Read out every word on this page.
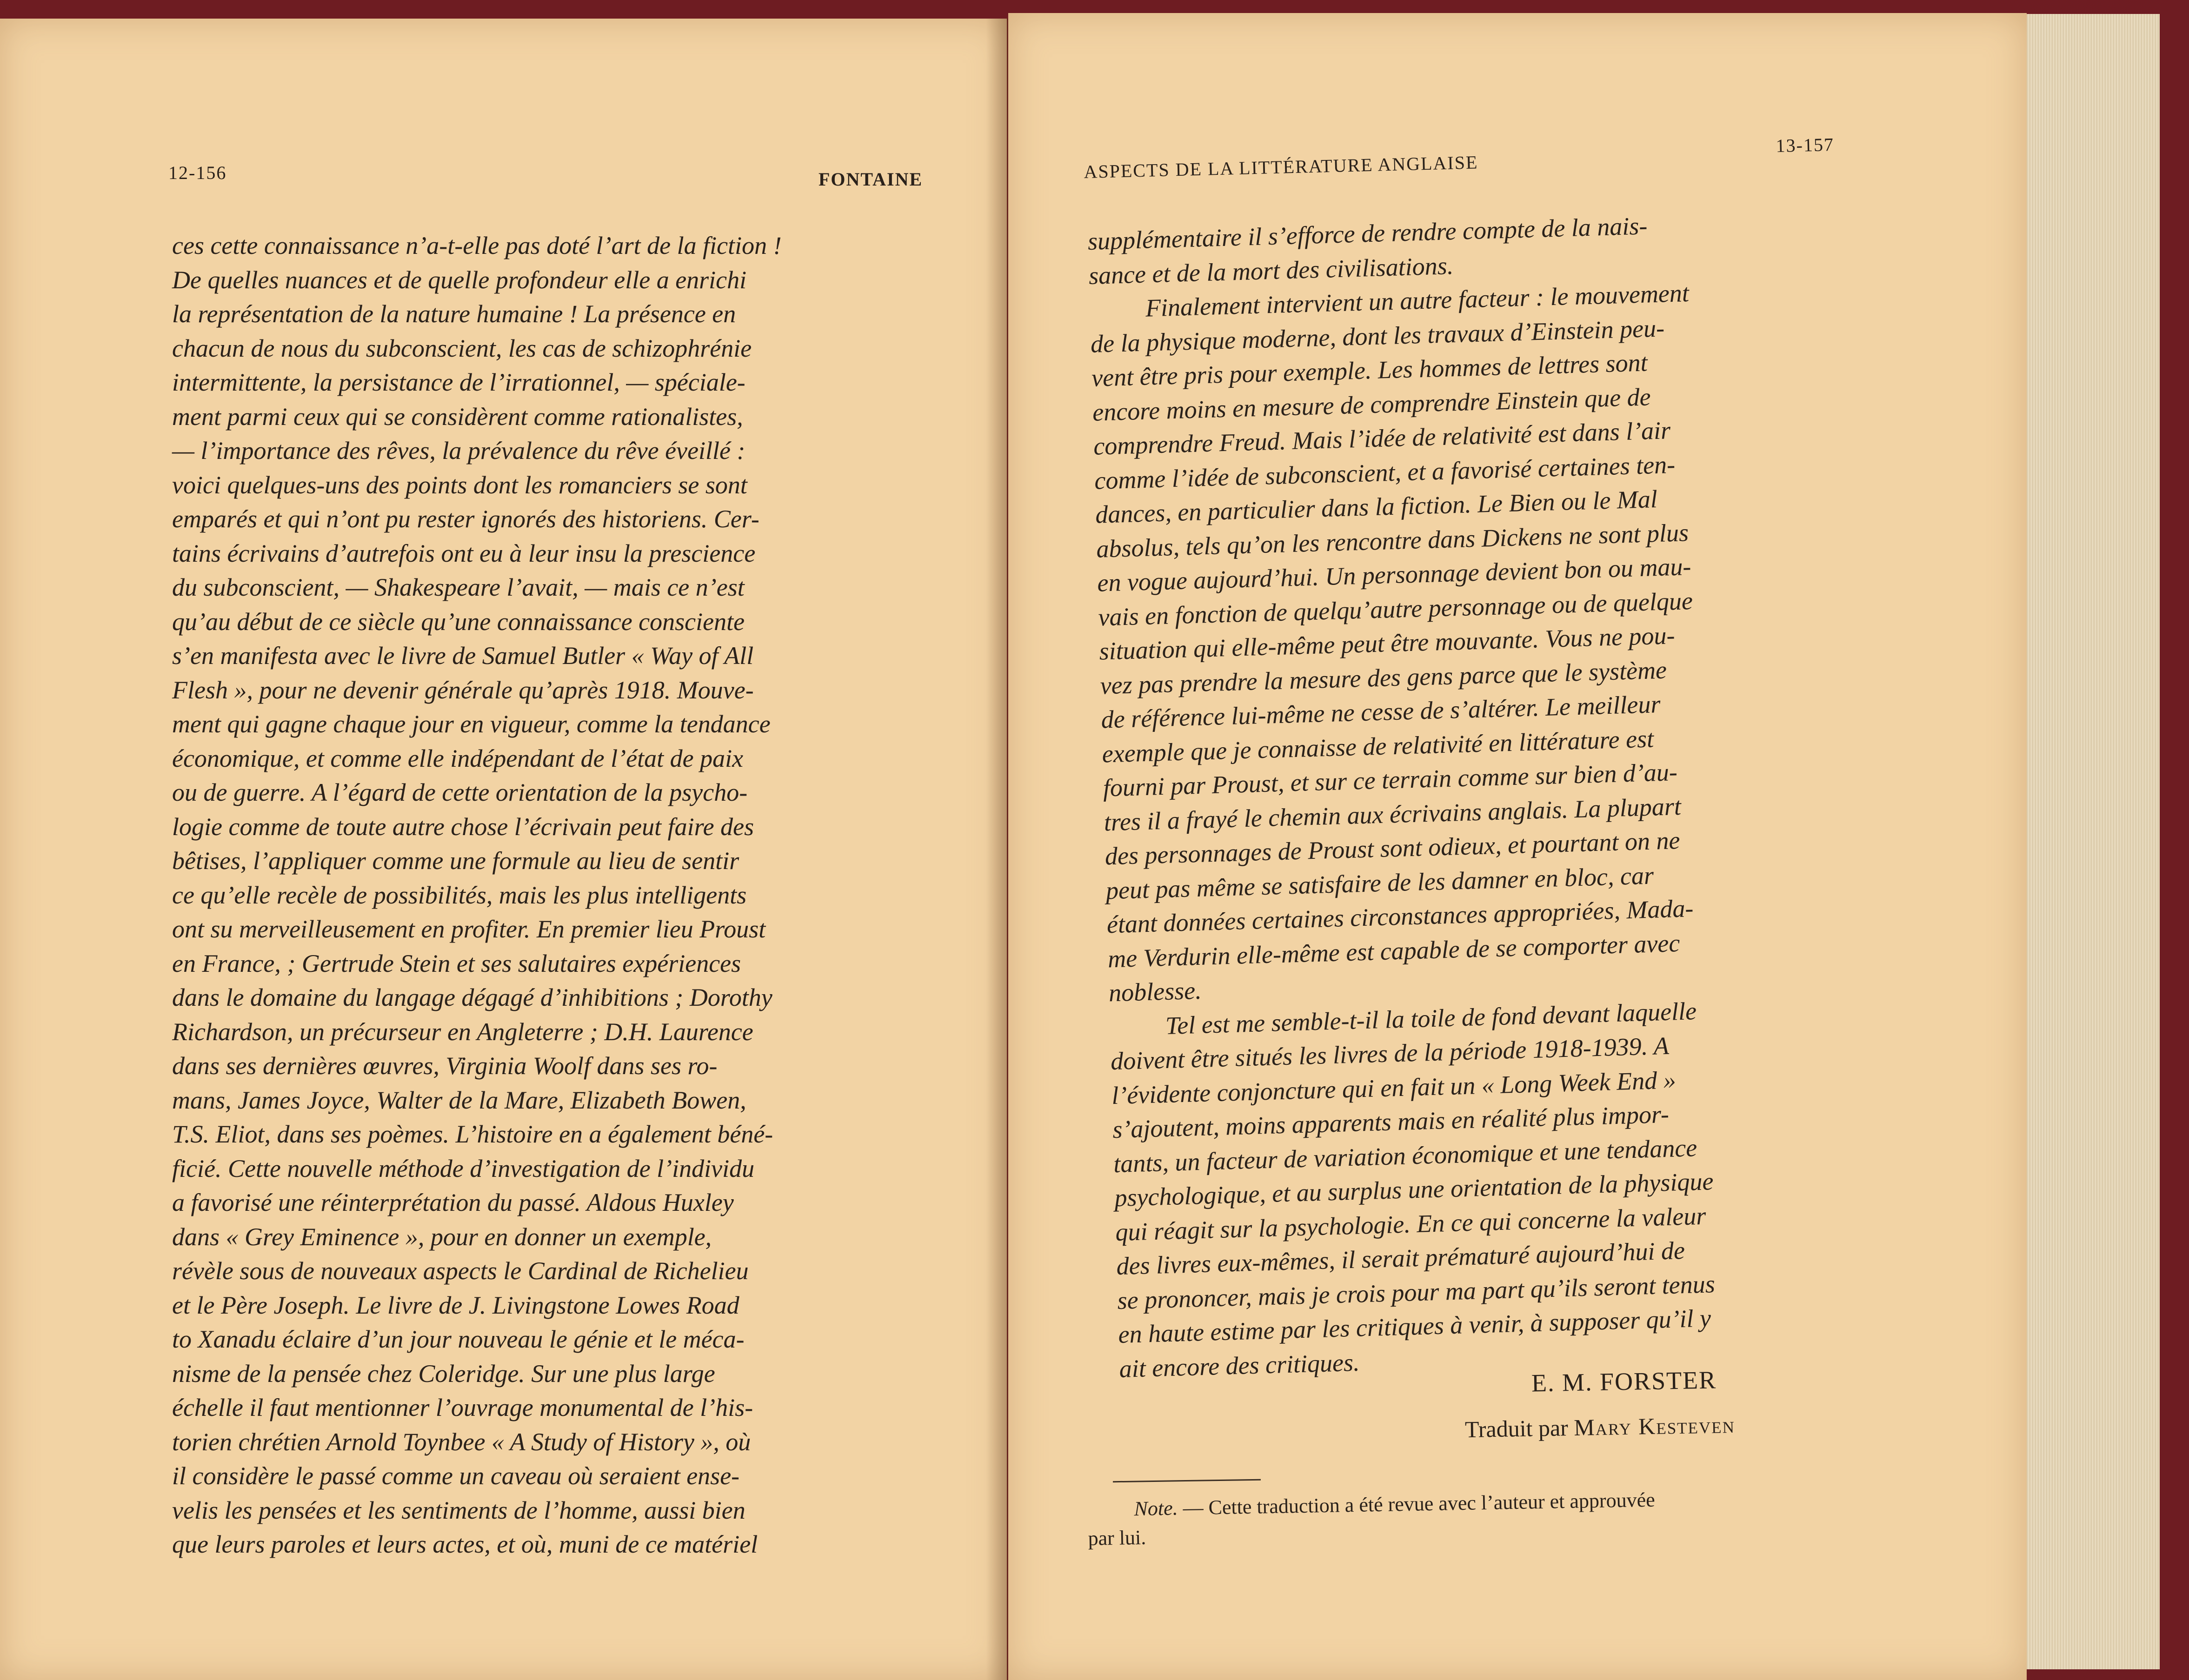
12-156	FONTAINE
ces cette connaissance n’a-t-elle pas doté l’art de la fiction !
De quelles nuances et de quelle profondeur elle a enrichi
la représentation de la nature humaine ! La présence en
chacun de nous du subconscient, les cas de schizophrénie
intermittente, la persistance de l’irrationnel, — spéciale-
ment parmi ceux qui se considèrent comme rationalistes,
— l’importance des rêves, la prévalence du rêve éveillé :
voici quelques-uns des points dont les romanciers se sont
emparés et qui n’ont pu rester ignorés des historiens. Cer-
tains écrivains d’autrefois ont eu à leur insu la prescience
du subconscient, — Shakespeare l’avait, — mais ce n’est
qu’au début de ce siècle qu’une connaissance consciente
s’en manifesta avec le livre de Samuel Butler « Way of All
Flesh », pour ne devenir générale qu’après 1918. Mouve-
ment qui gagne chaque jour en vigueur, comme la tendance
économique, et comme elle indépendant de l’état de paix
ou de guerre. A l’égard de cette orientation de la psycho-
logie comme de toute autre chose l’écrivain peut faire des
bêtises, l’appliquer comme une formule au lieu de sentir
ce qu’elle recèle de possibilités, mais les plus intelligents
ont su merveilleusement en profiter. En premier lieu Proust
en France, ; Gertrude Stein et ses salutaires expériences
dans le domaine du langage dégagé d’inhibitions ; Dorothy
Richardson, un précurseur en Angleterre ; D.H. Laurence
dans ses dernières œuvres, Virginia Woolf dans ses ro-
mans, James Joyce, Walter de la Mare, Elizabeth Bowen,
T.S. Eliot, dans ses poèmes. L’histoire en a également béné-
ficié. Cette nouvelle méthode d’investigation de l’individu
a favorisé une réinterprétation du passé. Aldous Huxley
dans « Grey Eminence », pour en donner un exemple,
révèle sous de nouveaux aspects le Cardinal de Richelieu
et le Père Joseph. Le livre de J. Livingstone Lowes Road
to Xanadu éclaire d’un jour nouveau le génie et le méca-
nisme de la pensée chez Coleridge. Sur une plus large
échelle il faut mentionner l’ouvrage monumental de l’his-
torien chrétien Arnold Toynbee « A Study of History », où
il considère le passé comme un caveau où seraient ense-
velis les pensées et les sentiments de l’homme, aussi bien
que leurs paroles et leurs actes, et où, muni de ce matériel
ASPECTS DE LA LITTÉRATURE ANGLAISE
13-157

supplémentaire il s’efforce de rendre compte de la nais-
sance et de la mort des civilisations.

Finalement intervient un autre facteur : le mouvement
de la physique moderne, dont les travaux d’Einstein peu-
vent être pris pour exemple. Les hommes de lettres sont
encore moins en mesure de comprendre Einstein que de
comprendre Freud. Mais l’idée de relativité est dans l’air
comme l’idée de subconscient, et a favorisé certaines ten-
dances, en particulier dans la fiction. Le Bien ou le Mal
absolus, tels qu’on les rencontre dans Dickens ne sont plus
en vogue aujourd’hui. Un personnage devient bon ou mau-
vais en fonction de quelqu’autre personnage ou de quelque
situation qui elle-même peut être mouvante. Vous ne pou-
vez pas prendre la mesure des gens parce que le système
de référence lui-même ne cesse de s’altérer. Le meilleur
exemple que je connaisse de relativité en littérature est
fourni par Proust, et sur ce terrain comme sur bien d’au-
tres il a frayé le chemin aux écrivains anglais. La plupart
des personnages de Proust sont odieux, et pourtant on ne
peut pas même se satisfaire de les damner en bloc, car
étant données certaines circonstances appropriées, Mada-
me Verdurin elle-même est capable de se comporter avec
noblesse.

Tel est me semble-t-il la toile de fond devant laquelle
doivent être situés les livres de la période 1918-1939. A
l’évidente conjoncture qui en fait un « Long Week End »
s’ajoutent, moins apparents mais en réalité plus impor-
tants, un facteur de variation économique et une tendance
psychologique, et au surplus une orientation de la physique
qui réagit sur la psychologie. En ce qui concerne la valeur
des livres eux-mêmes, il serait prématuré aujourd’hui de
se prononcer, mais je crois pour ma part qu’ils seront tenus
en haute estime par les critiques à venir, à supposer qu’il y
ait encore des critiques.	E. M. FORSTER
Traduit par Mary Kesteven
Note. — Cette traduction a été revue avec l’auteur et approuvée
par lui.
